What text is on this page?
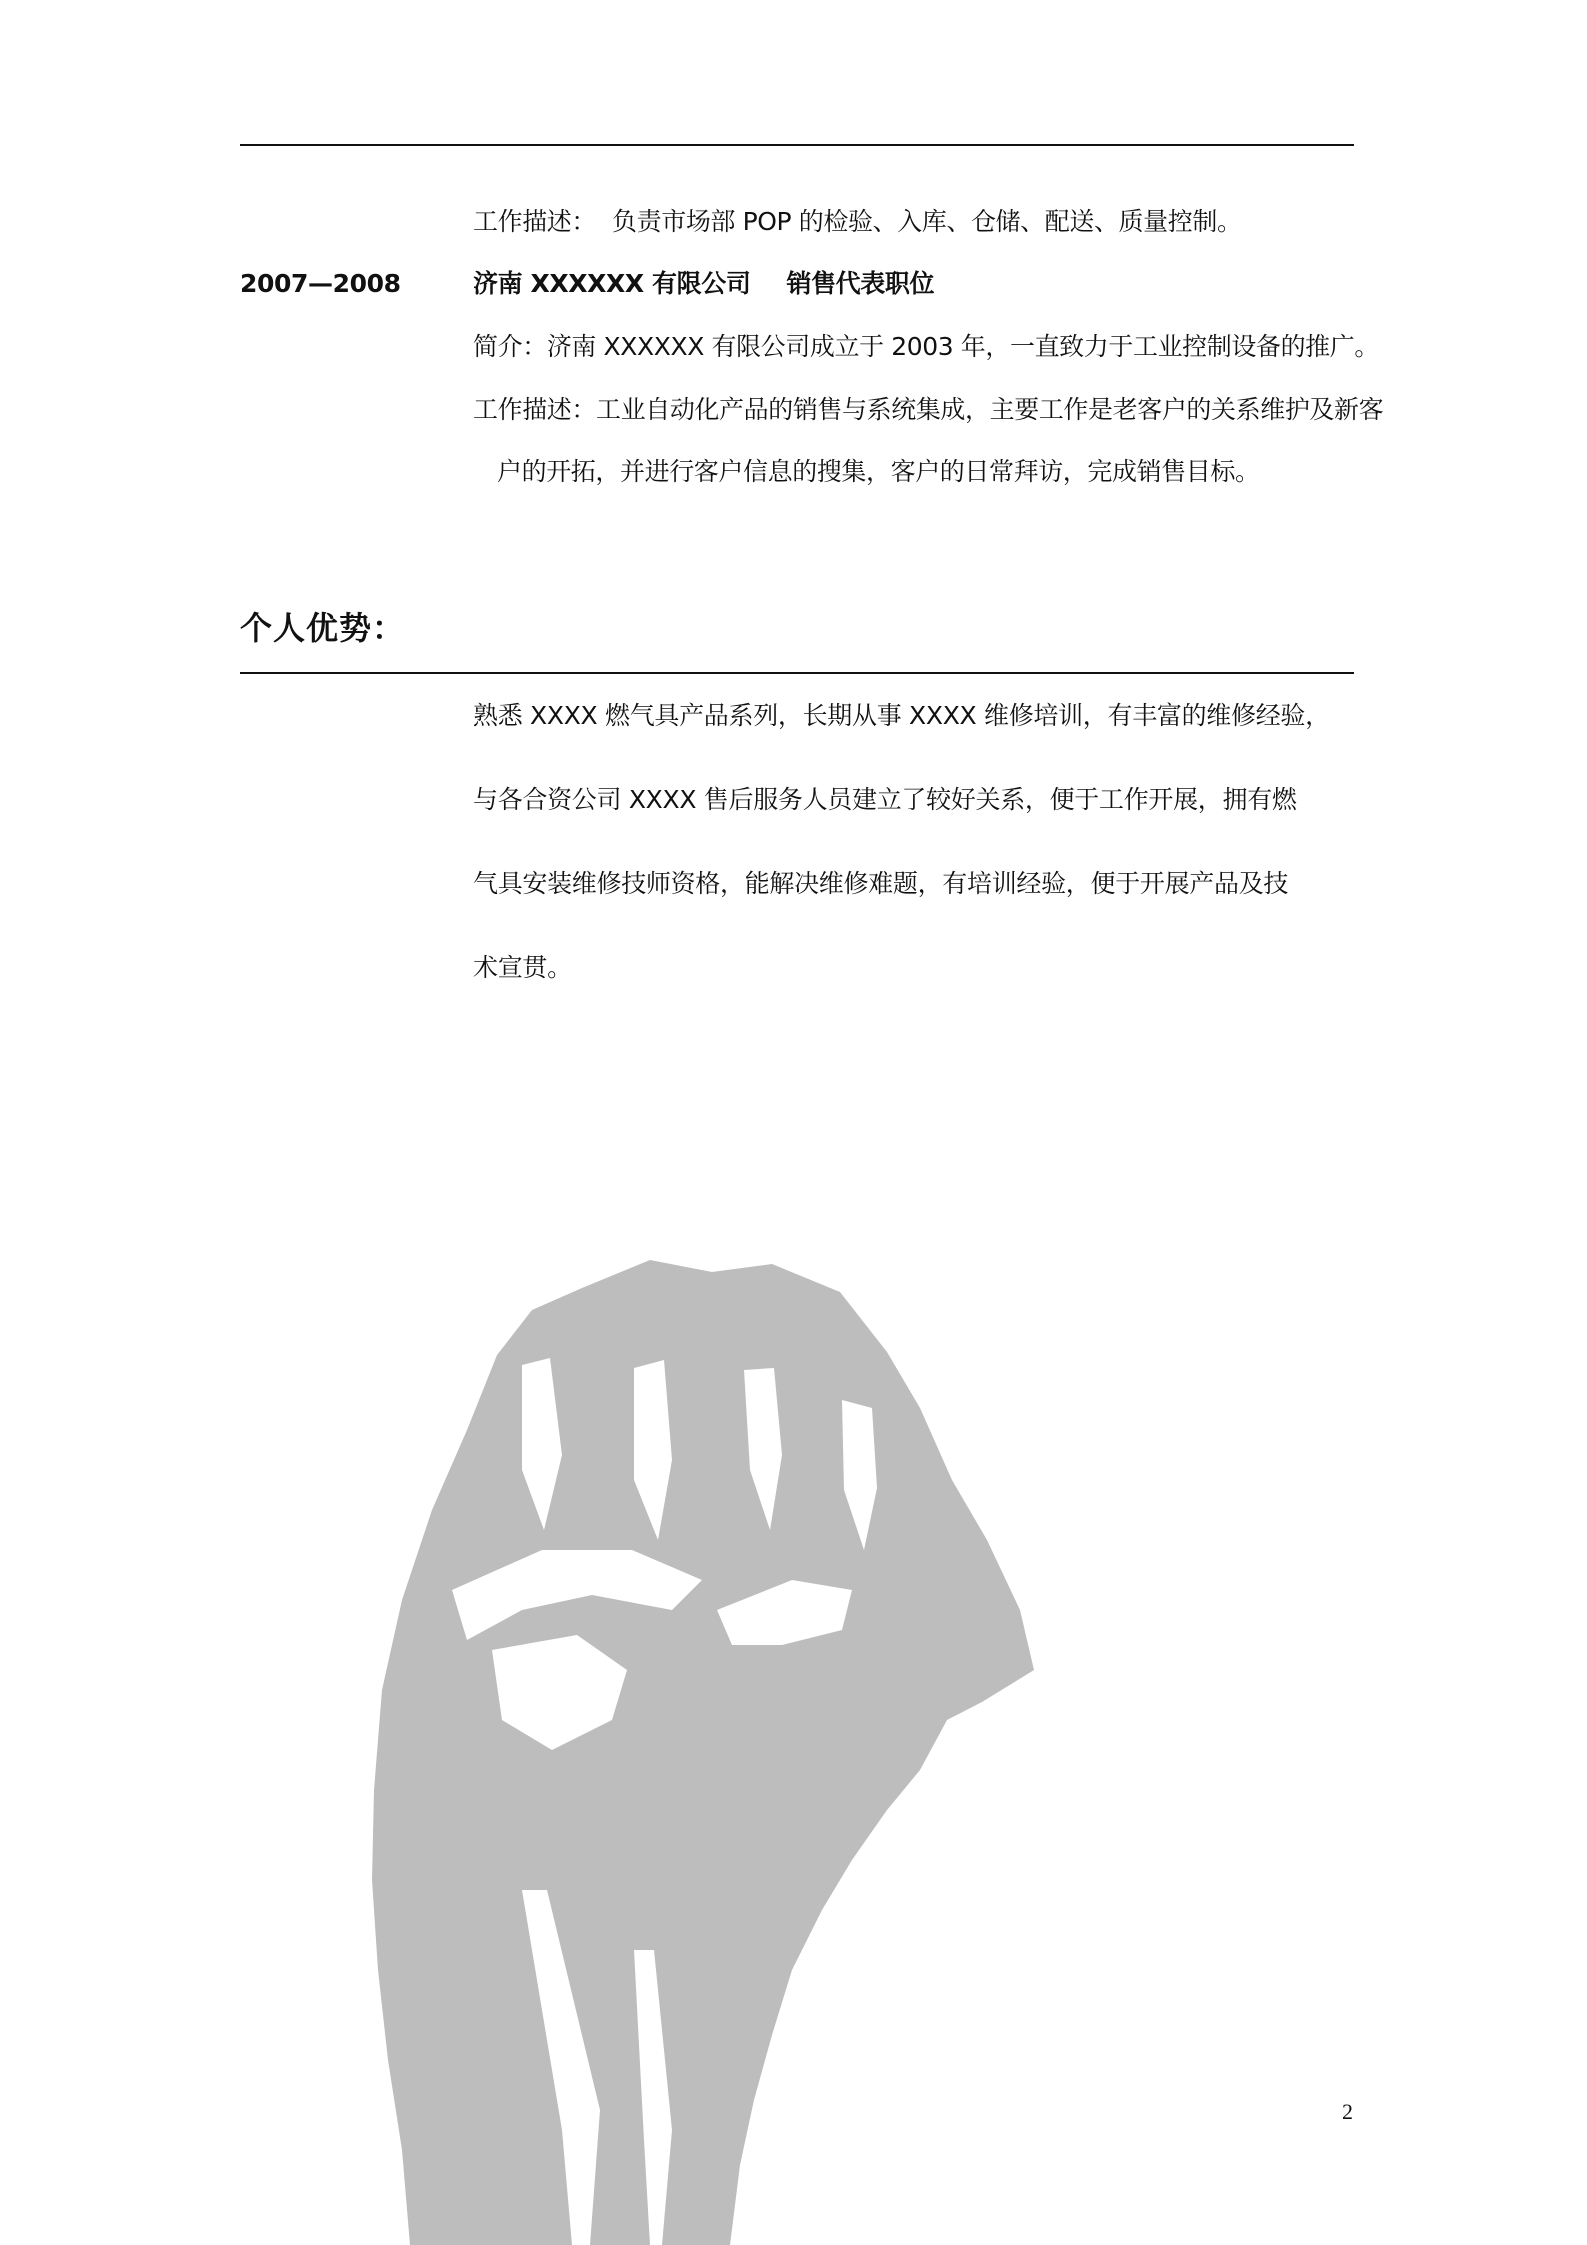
工作描述： 负责市场部 POP 的检验、入库、仓储、配送、质量控制。
2007—2008	济南 XXXXXX 有限公司 销售代表职位
简介：济南 XXXXXX 有限公司成立于 2003 年，一直致力于工业控制设备的推广。
工作描述：工业自动化产品的销售与系统集成，主要工作是老客户的关系维护及新客
户的开拓，并进行客户信息的搜集，客户的日常拜访，完成销售目标。
个人优势：
熟悉 XXXX 燃气具产品系列，长期从事 XXXX 维修培训，有丰富的维修经验，
与各合资公司 XXXX 售后服务人员建立了较好关系，便于工作开展，拥有燃
气具安装维修技师资格，能解决维修难题，有培训经验，便于开展产品及技
术宣贯。
2
